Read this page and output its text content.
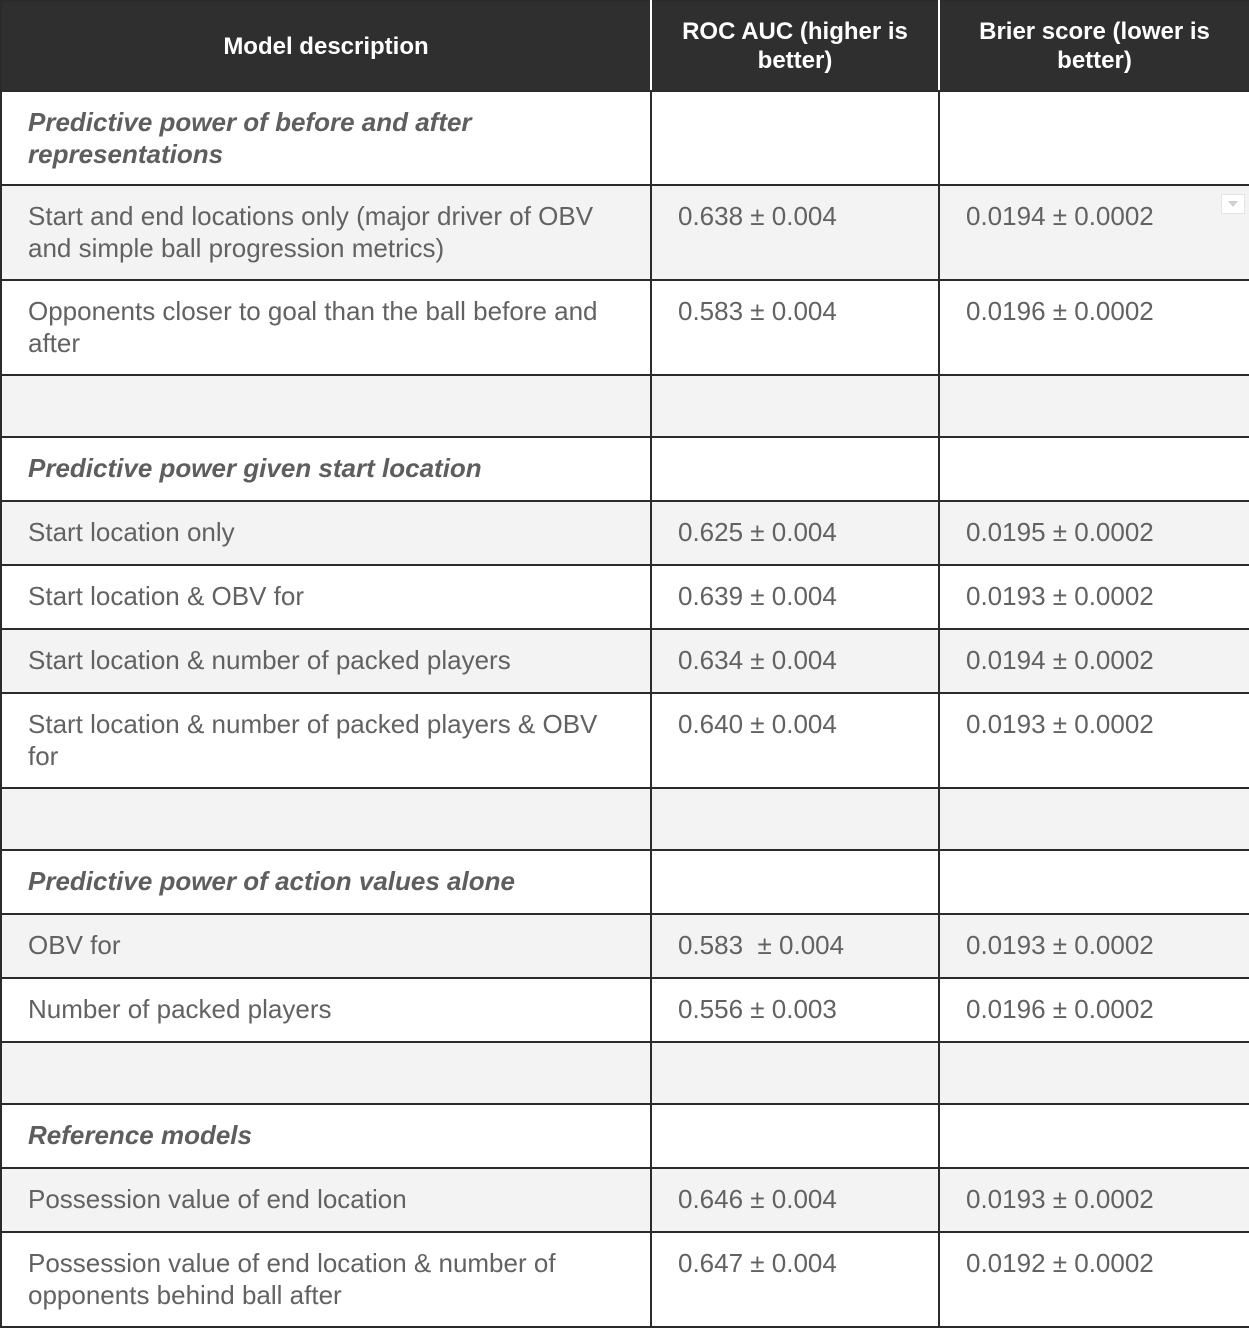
Model description	ROC AUC (higher is better)	Brier score (lower is better)
Predictive power of before and after representations		
Start and end locations only (major driver of OBV and simple ball progression metrics)	0.638 ± 0.004	0.0194 ± 0.0002

Opponents closer to goal than the ball before and after	0.583 ± 0.004	0.0196 ± 0.0002

Predictive power given start location		
Start location only	0.625 ± 0.004	0.0195 ± 0.0002
Start location & OBV for	0.639 ± 0.004	0.0193 ± 0.0002
Start location & number of packed players	0.634 ± 0.004	0.0194 ± 0.0002
Start location & number of packed players & OBV for	0.640 ± 0.004	0.0193 ± 0.0002

Predictive power of action values alone		
OBV for	0.583  ± 0.004	0.0193 ± 0.0002
Number of packed players	0.556 ± 0.003	0.0196 ± 0.0002

Reference models		
Possession value of end location	0.646 ± 0.004	0.0193 ± 0.0002
Possession value of end location & number of opponents behind ball after	0.647 ± 0.004	0.0192 ± 0.0002
